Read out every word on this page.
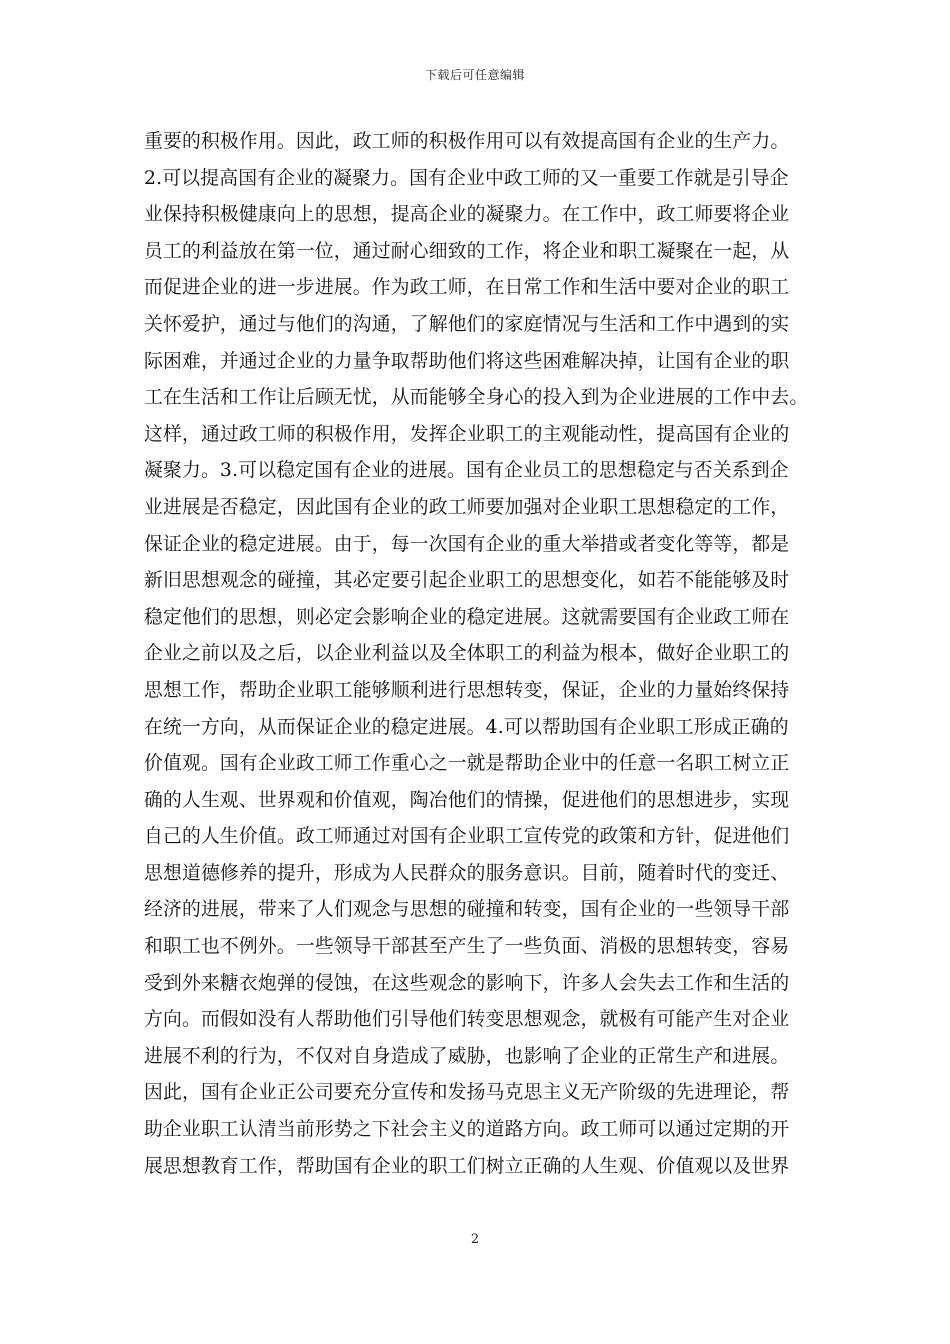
下载后可任意编辑
重要的积极作用。因此，政工师的积极作用可以有效提高国有企业的生产力。
2.可以提高国有企业的凝聚力。国有企业中政工师的又一重要工作就是引导企
业保持积极健康向上的思想，提高企业的凝聚力。在工作中，政工师要将企业
员工的利益放在第一位，通过耐心细致的工作，将企业和职工凝聚在一起，从
而促进企业的进一步进展。作为政工师，在日常工作和生活中要对企业的职工
关怀爱护，通过与他们的沟通，了解他们的家庭情况与生活和工作中遇到的实
际困难，并通过企业的力量争取帮助他们将这些困难解决掉，让国有企业的职
工在生活和工作让后顾无忧，从而能够全身心的投入到为企业进展的工作中去。
这样，通过政工师的积极作用，发挥企业职工的主观能动性，提高国有企业的
凝聚力。3.可以稳定国有企业的进展。国有企业员工的思想稳定与否关系到企
业进展是否稳定，因此国有企业的政工师要加强对企业职工思想稳定的工作，
保证企业的稳定进展。由于，每一次国有企业的重大举措或者变化等等，都是
新旧思想观念的碰撞，其必定要引起企业职工的思想变化，如若不能能够及时
稳定他们的思想，则必定会影响企业的稳定进展。这就需要国有企业政工师在
企业之前以及之后，以企业利益以及全体职工的利益为根本，做好企业职工的
思想工作，帮助企业职工能够顺利进行思想转变，保证，企业的力量始终保持
在统一方向，从而保证企业的稳定进展。4.可以帮助国有企业职工形成正确的
价值观。国有企业政工师工作重心之一就是帮助企业中的任意一名职工树立正
确的人生观、世界观和价值观，陶冶他们的情操，促进他们的思想进步，实现
自己的人生价值。政工师通过对国有企业职工宣传党的政策和方针，促进他们
思想道德修养的提升，形成为人民群众的服务意识。目前，随着时代的变迁、
经济的进展，带来了人们观念与思想的碰撞和转变，国有企业的一些领导干部
和职工也不例外。一些领导干部甚至产生了一些负面、消极的思想转变，容易
受到外来糖衣炮弹的侵蚀，在这些观念的影响下，许多人会失去工作和生活的
方向。而假如没有人帮助他们引导他们转变思想观念，就极有可能产生对企业
进展不利的行为，不仅对自身造成了威胁，也影响了企业的正常生产和进展。
因此，国有企业正公司要充分宣传和发扬马克思主义无产阶级的先进理论，帮
助企业职工认清当前形势之下社会主义的道路方向。政工师可以通过定期的开
展思想教育工作，帮助国有企业的职工们树立正确的人生观、价值观以及世界
2
